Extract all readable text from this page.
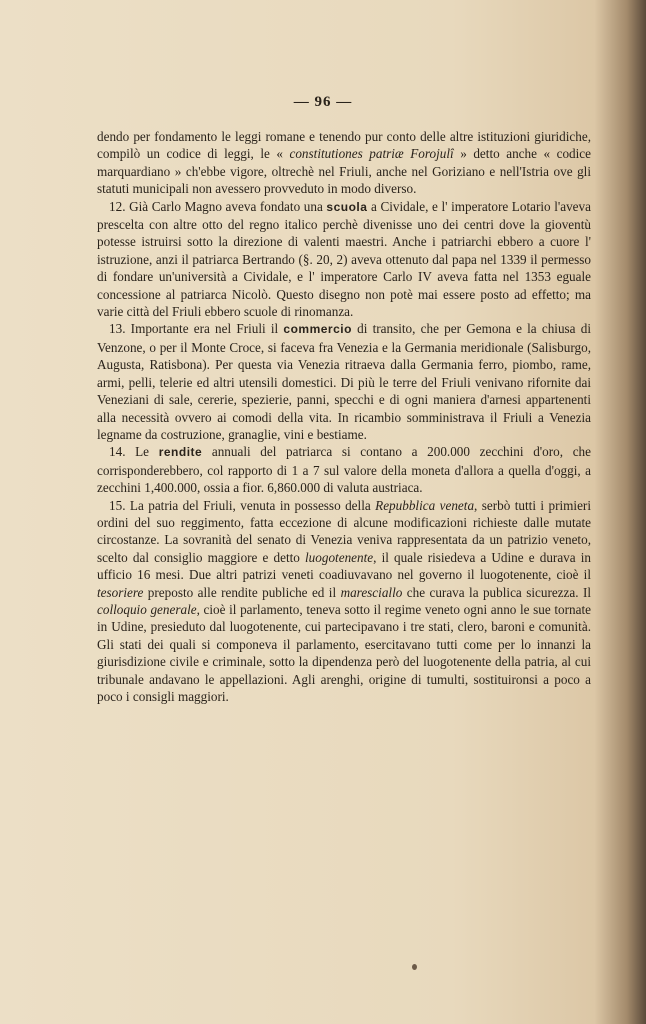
— 96 —

dendo per fondamento le leggi romane e tenendo pur conto delle altre istituzioni giuridiche, compilò un codice di leggi, le « constitutiones patriæ Forojulî » detto anche « codice marquardiano » ch'ebbe vigore, oltrechè nel Friuli, anche nel Goriziano e nell'Istria ove gli statuti municipali non avessero provveduto in modo diverso.

12. Già Carlo Magno aveva fondato una scuola a Cividale, e l' imperatore Lotario l'aveva prescelta con altre otto del regno italico perchè divenisse uno dei centri dove la gioventù potesse istruirsi sotto la direzione di valenti maestri. Anche i patriarchi ebbero a cuore l' istruzione, anzi il patriarca Bertrando (§. 20, 2) aveva ottenuto dal papa nel 1339 il permesso di fondare un'università a Cividale, e l' imperatore Carlo IV aveva fatta nel 1353 eguale concessione al patriarca Nicolò. Questo disegno non potè mai essere posto ad effetto; ma varie città del Friuli ebbero scuole di rinomanza.

13. Importante era nel Friuli il commercio di transito, che per Gemona e la chiusa di Venzone, o per il Monte Croce, si faceva fra Venezia e la Germania meridionale (Salisburgo, Augusta, Ratisbona). Per questa via Venezia ritraeva dalla Germania ferro, piombo, rame, armi, pelli, telerie ed altri utensili domestici. Di più le terre del Friuli venivano rifornite dai Veneziani di sale, cererie, spezierie, panni, specchi e di ogni maniera d'arnesi appartenenti alla necessità ovvero ai comodi della vita. In ricambio somministrava il Friuli a Venezia legname da costruzione, granaglie, vini e bestiame.

14. Le rendite annuali del patriarca si contano a 200.000 zecchini d'oro, che corrisponderebbero, col rapporto di 1 a 7 sul valore della moneta d'allora a quella d'oggi, a zecchini 1,400.000, ossia a fior. 6,860.000 di valuta austriaca.

15. La patria del Friuli, venuta in possesso della Repubblica veneta, serbò tutti i primieri ordini del suo reggimento, fatta eccezione di alcune modificazioni richieste dalle mutate circostanze. La sovranità del senato di Venezia veniva rappresentata da un patrizio veneto, scelto dal consiglio maggiore e detto luogotenente, il quale risiedeva a Udine e durava in ufficio 16 mesi. Due altri patrizi veneti coadiuvavano nel governo il luogotenente, cioè il tesoriere preposto alle rendite publiche ed il maresciallo che curava la publica sicurezza. Il colloquio generale, cioè il parlamento, teneva sotto il regime veneto ogni anno le sue tornate in Udine, presieduto dal luogotenente, cui partecipavano i tre stati, clero, baroni e comunità. Gli stati dei quali si componeva il parlamento, esercitavano tutti come per lo innanzi la giurisdizione civile e criminale, sotto la dipendenza però del luogotenente della patria, al cui tribunale andavano le appellazioni. Agli arenghi, origine di tumulti, sostituironsi a poco a poco i consigli maggiori.
